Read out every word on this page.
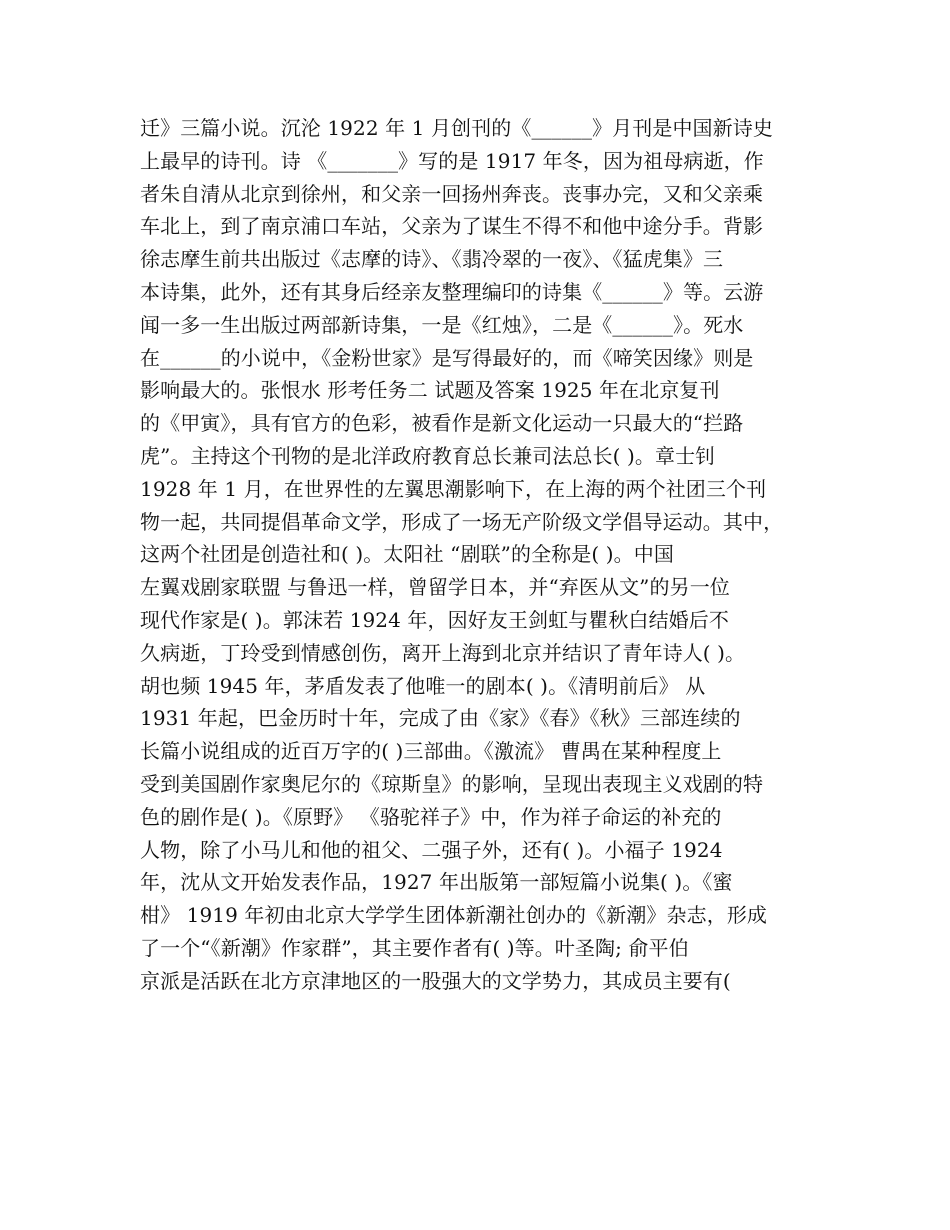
迁》三篇小说。沉沦 1922 年 1 月创刊的《______》月刊是中国新诗史
上最早的诗刊。诗 《_______》写的是 1917 年冬，因为祖母病逝，作
者朱自清从北京到徐州，和父亲一回扬州奔丧。丧事办完，又和父亲乘
车北上，到了南京浦口车站，父亲为了谋生不得不和他中途分手。背影
徐志摩生前共出版过《志摩的诗》、《翡冷翠的一夜》、《猛虎集》三
本诗集，此外，还有其身后经亲友整理编印的诗集《______》等。云游
闻一多一生出版过两部新诗集，一是《红烛》，二是《______》。死水
在______的小说中，《金粉世家》是写得最好的，而《啼笑因缘》则是
影响最大的。张恨水 形考任务二 试题及答案 1925 年在北京复刊
的《甲寅》，具有官方的色彩，被看作是新文化运动一只最大的“拦路
虎”。主持这个刊物的是北洋政府教育总长兼司法总长( )。章士钊
1928 年 1 月，在世界性的左翼思潮影响下，在上海的两个社团三个刊
物一起，共同提倡革命文学，形成了一场无产阶级文学倡导运动。其中，
这两个社团是创造社和( )。太阳社 “剧联”的全称是( )。中国
左翼戏剧家联盟 与鲁迅一样，曾留学日本，并“弃医从文”的另一位
现代作家是( )。郭沫若 1924 年，因好友王剑虹与瞿秋白结婚后不
久病逝，丁玲受到情感创伤，离开上海到北京并结识了青年诗人( )。
胡也频 1945 年，茅盾发表了他唯一的剧本( )。《清明前后》 从
1931 年起，巴金历时十年，完成了由《家》《春》《秋》三部连续的
长篇小说组成的近百万字的( )三部曲。《激流》 曹禺在某种程度上
受到美国剧作家奥尼尔的《琼斯皇》的影响，呈现出表现主义戏剧的特
色的剧作是( )。《原野》 《骆驼祥子》中，作为祥子命运的补充的
人物，除了小马儿和他的祖父、二强子外，还有( )。小福子 1924
年，沈从文开始发表作品，1927 年出版第一部短篇小说集( )。《蜜
柑》 1919 年初由北京大学学生团体新潮社创办的《新潮》杂志，形成
了一个“《新潮》作家群”，其主要作者有( )等。叶圣陶; 俞平伯
京派是活跃在北方京津地区的一股强大的文学势力，其成员主要有(
